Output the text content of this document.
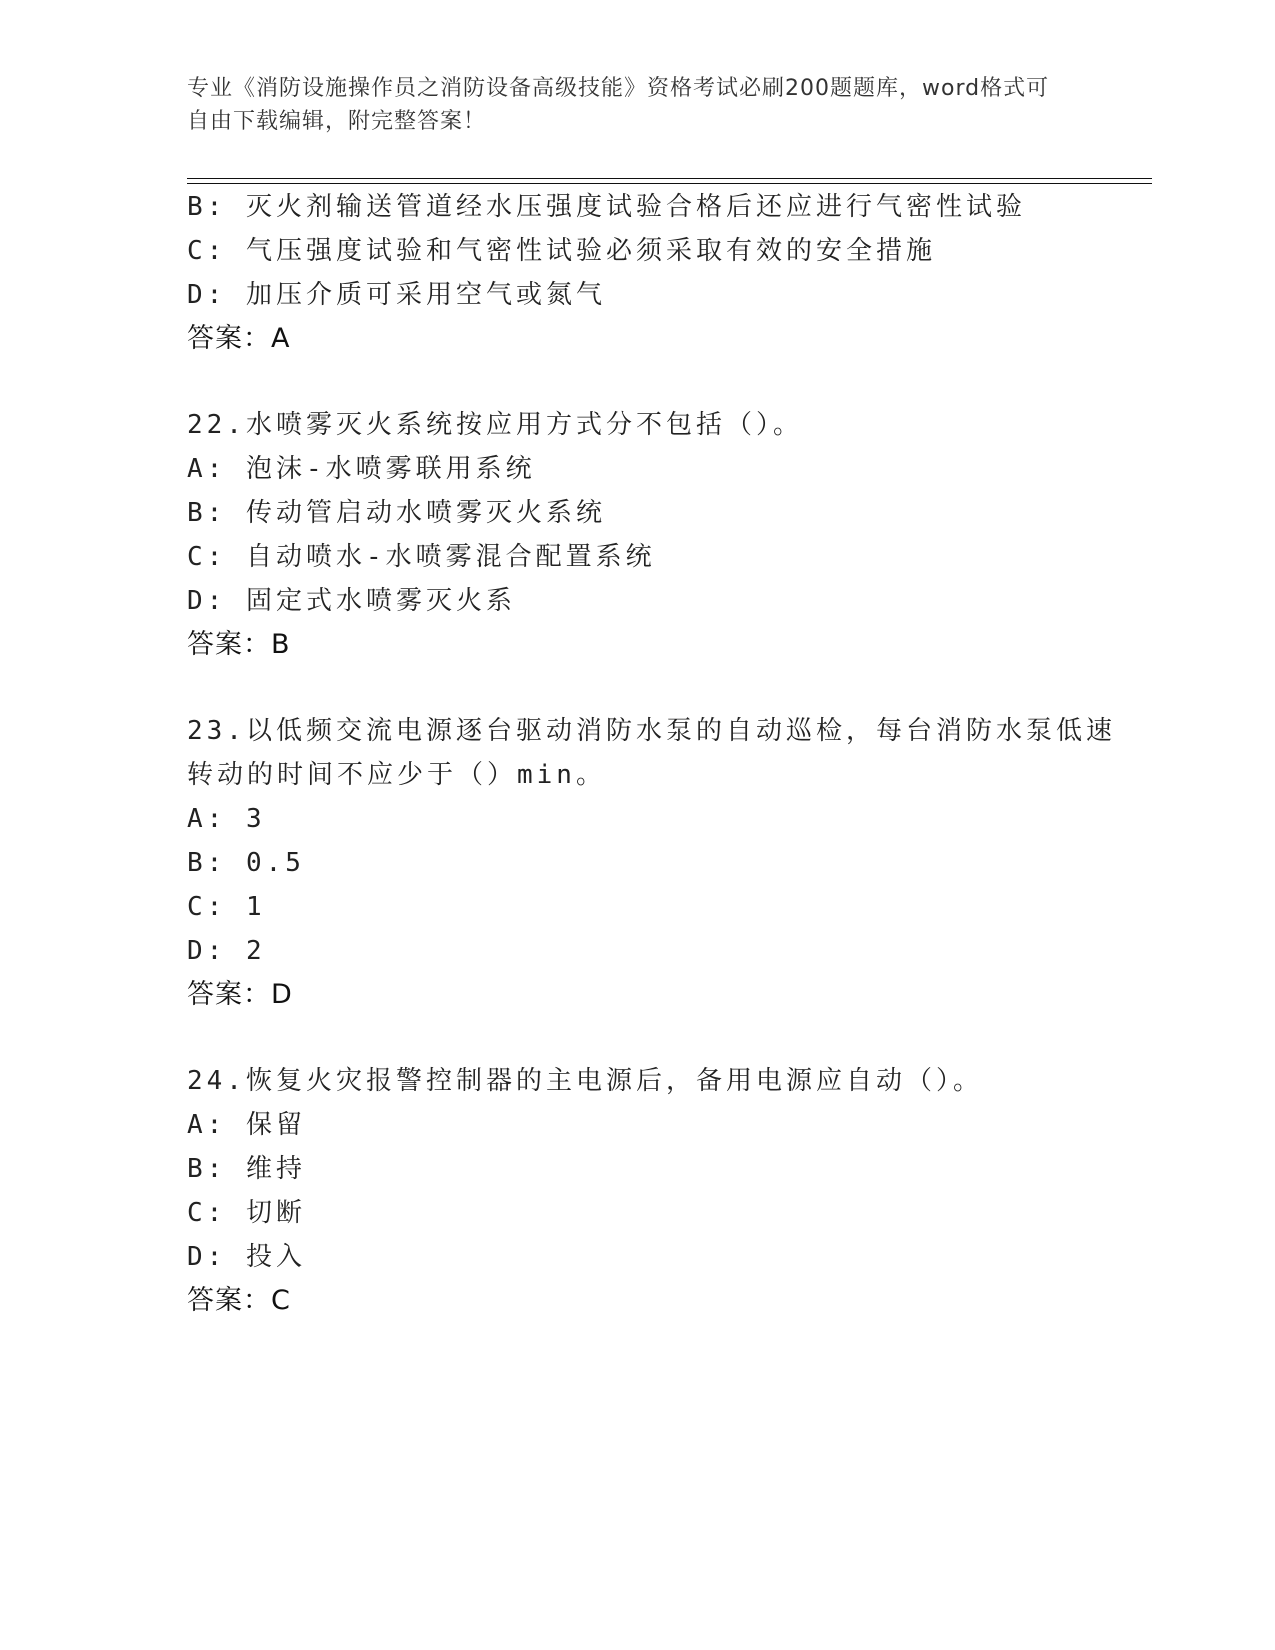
专业《消防设施操作员之消防设备高级技能》资格考试必刷200题题库，word格式可自由下载编辑，附完整答案！
B: 灭火剂输送管道经水压强度试验合格后还应进行气密性试验
C: 气压强度试验和气密性试验必须采取有效的安全措施
D: 加压介质可采用空气或氮气
答案：A
22.水喷雾灭火系统按应用方式分不包括（）。
A: 泡沫-水喷雾联用系统
B: 传动管启动水喷雾灭火系统
C: 自动喷水-水喷雾混合配置系统
D: 固定式水喷雾灭火系
答案：B
23.以低频交流电源逐台驱动消防水泵的自动巡检，每台消防水泵低速
转动的时间不应少于（）min。
A: 3
B: 0.5
C: 1
D: 2
答案：D
24.恢复火灾报警控制器的主电源后，备用电源应自动（）。
A: 保留
B: 维持
C: 切断
D: 投入
答案：C
